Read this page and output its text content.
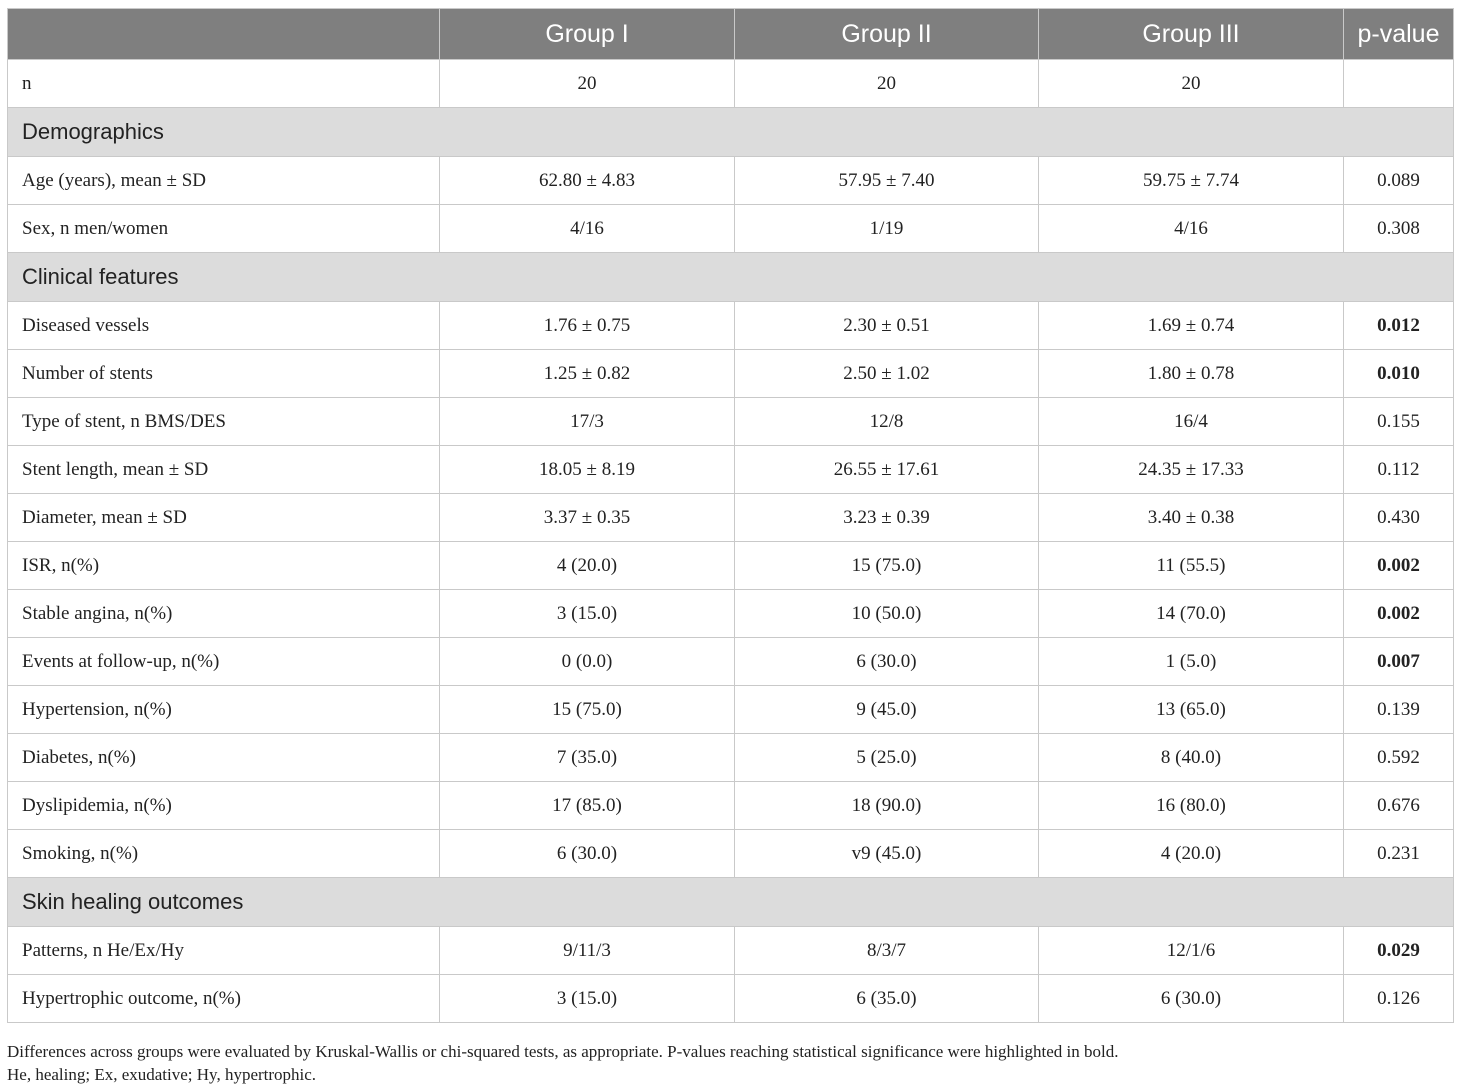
	Group I	Group II	Group III	p-value
n	20	20	20	
Demographics				
Age (years), mean ± SD	62.80 ± 4.83	57.95 ± 7.40	59.75 ± 7.74	0.089
Sex, n men/women	4/16	1/19	4/16	0.308
Clinical features				
Diseased vessels	1.76 ± 0.75	2.30 ± 0.51	1.69 ± 0.74	0.012
Number of stents	1.25 ± 0.82	2.50 ± 1.02	1.80 ± 0.78	0.010
Type of stent, n BMS/DES	17/3	12/8	16/4	0.155
Stent length, mean ± SD	18.05 ± 8.19	26.55 ± 17.61	24.35 ± 17.33	0.112
Diameter, mean ± SD	3.37 ± 0.35	3.23 ± 0.39	3.40 ± 0.38	0.430
ISR, n(%)	4 (20.0)	15 (75.0)	11 (55.5)	0.002
Stable angina, n(%)	3 (15.0)	10 (50.0)	14 (70.0)	0.002
Events at follow-up, n(%)	0 (0.0)	6 (30.0)	1 (5.0)	0.007
Hypertension, n(%)	15 (75.0)	9 (45.0)	13 (65.0)	0.139
Diabetes, n(%)	7 (35.0)	5 (25.0)	8 (40.0)	0.592
Dyslipidemia, n(%)	17 (85.0)	18 (90.0)	16 (80.0)	0.676
Smoking, n(%)	6 (30.0)	v9 (45.0)	4 (20.0)	0.231
Skin healing outcomes				
Patterns, n He/Ex/Hy	9/11/3	8/3/7	12/1/6	0.029
Hypertrophic outcome, n(%)	3 (15.0)	6 (35.0)	6 (30.0)	0.126

Differences across groups were evaluated by Kruskal-Wallis or chi-squared tests, as appropriate. P-values reaching statistical significance were highlighted in bold.

He, healing; Ex, exudative; Hy, hypertrophic.
